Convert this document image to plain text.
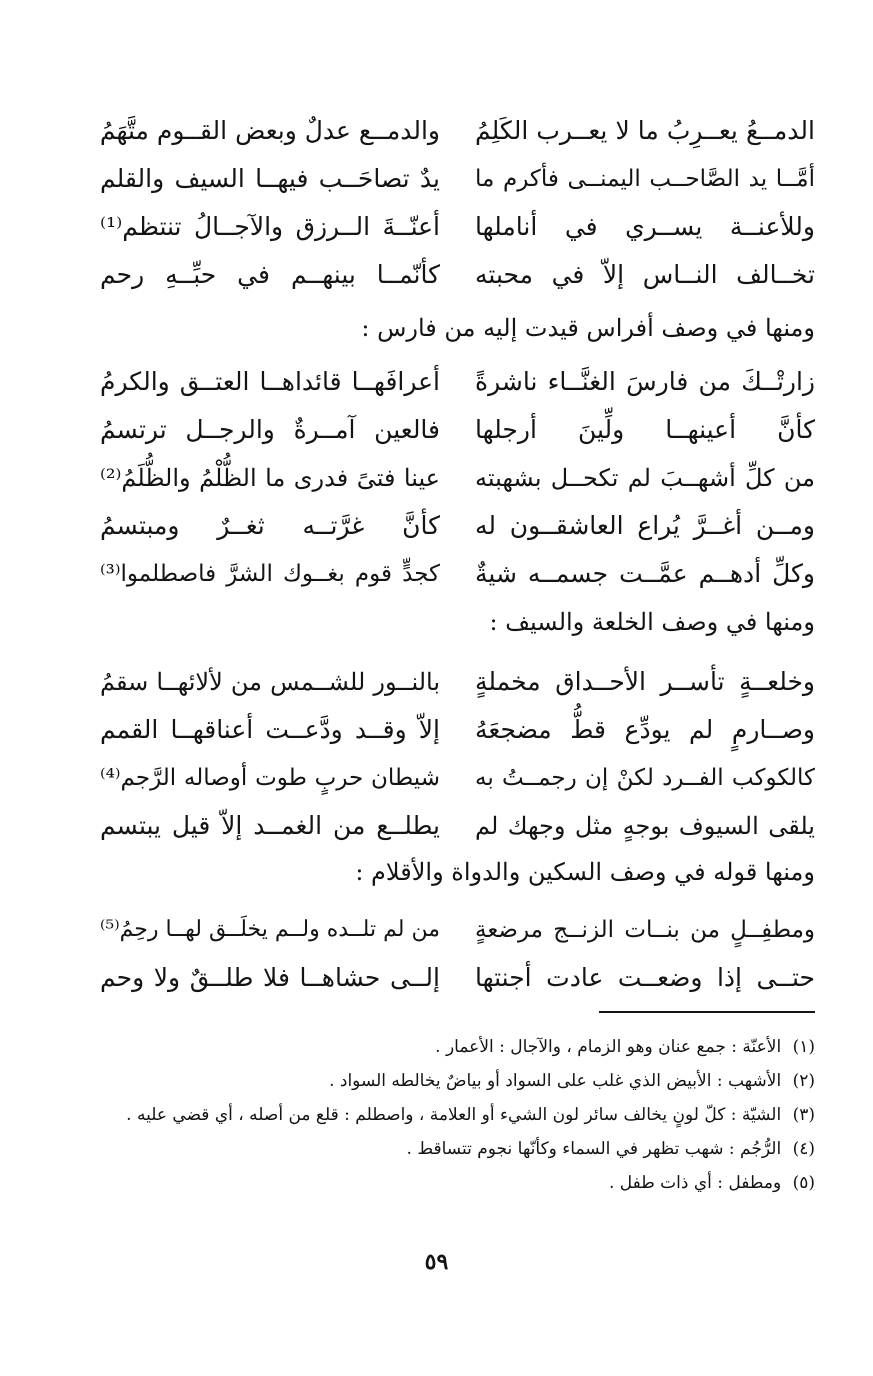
الدمــعُ يعــرِبُ ما لا يعــرب الكَلِمُ
والدمــع عدلٌ وبعض القــوم متَّهَمُ
أمَّــا يد الصَّاحــب اليمنــى فأكرم ما
يدٌ تصاحَــب فيهــا السيف والقلم
وللأعنــة يســري في أناملها
أعنّــةَ الــرزق والآجــالُ تنتظم⁽¹⁾
تخــالف النــاس إلاّ في محبته
كأنّمــا بينهــم في حبِّــهِ رحم
ومنها في وصف أفراس قيدت إليه من فارس :
زارتْــكَ من فارسَ الغنَّــاء ناشرةً
أعرافَهــا قائداهــا العتــق والكرمُ
كأنَّ أعينهــا ولِّينَ أرجلها
فالعين آمــرةٌ والرجــل ترتسمُ
من كلِّ أشهــبَ لم تكحــل بشهبته
عينا فتىً فدرى ما الظُّلْمُ والظُّلَمُ⁽²⁾
ومــن أغــرَّ يُراع العاشقــون له
كأنَّ غرَّتــه ثغــرٌ ومبتسمُ
وكلِّ أدهــم عمَّــت جسمــه شيةٌ
كجدٍّ قوم بغــوك الشرَّ فاصطلموا⁽³⁾
ومنها في وصف الخلعة والسيف :
وخلعــةٍ تأســر الأحــداق مخملةٍ
بالنــور للشــمس من لألائهــا سقمُ
وصــارمٍ لم يودِّع قطُّ مضجعَهُ
إلاّ وقــد ودَّعــت أعناقهــا القمم
كالكوكب الفــرد لكنْ إن رجمــتُ به
شيطان حربٍ طوت أوصاله الرَّجم⁽⁴⁾
يلقى السيوف بوجهٍ مثل وجهك لم
يطلــع من الغمــد إلاّ قيل يبتسم
ومنها قوله في وصف السكين والدواة والأقلام :
ومطفِــلٍ من بنــات الزنــج مرضعةٍ
من لم تلــده ولــم يخلَــق لهــا رحِمُ⁽⁵⁾
حتــى إذا وضعــت عادت أجنتها
إلــى حشاهــا فلا طلــقٌ ولا وحم
(١) الأعنّة : جمع عنان وهو الزمام ، والآجال : الأعمار .
(٢) الأشهب : الأبيض الذي غلب على السواد أو بياضٌ يخالطه السواد .
(٣) الشيّة : كلّ لونٍ يخالف سائر لون الشيء أو العلامة ، واصطلم : قلع من أصله ، أي قضي عليه .
(٤) الرُّجُم : شهب تظهر في السماء وكأنّها نجوم تتساقط .
(٥) ومطفل : أي ذات طفل .
٥٩
